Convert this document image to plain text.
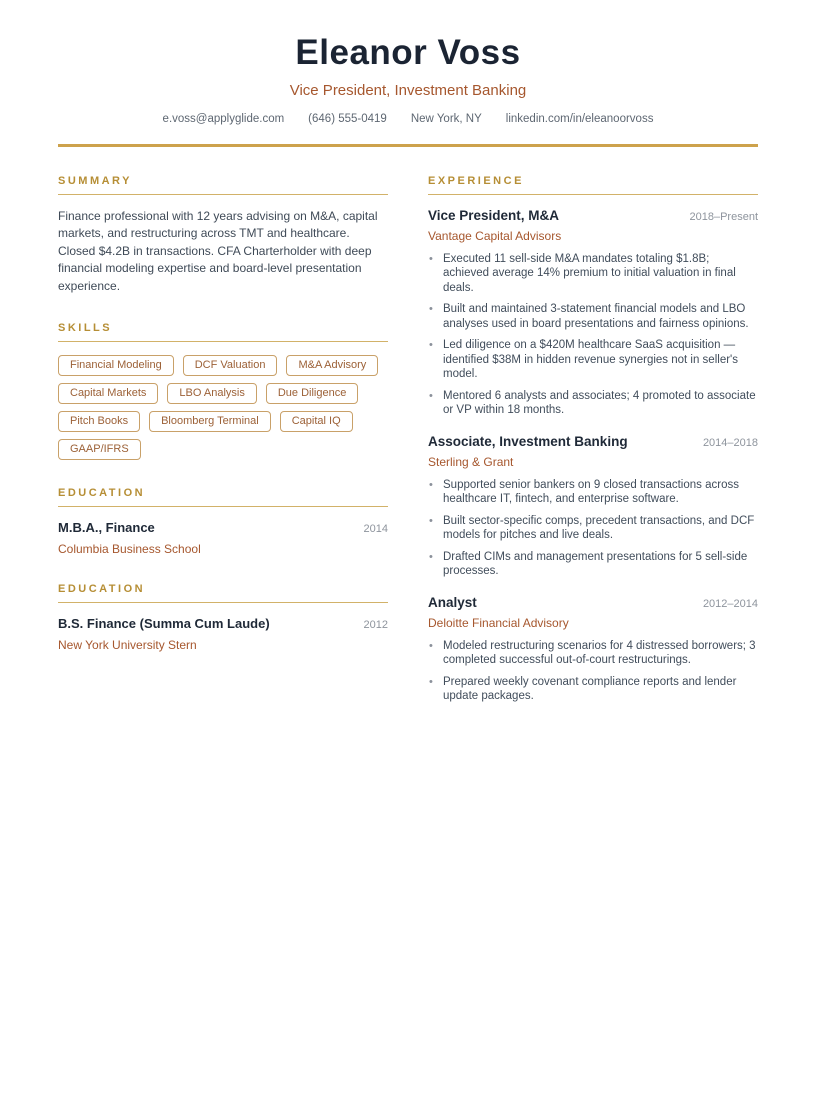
Eleanor Voss
Vice President, Investment Banking
e.voss@applyglide.com (646) 555-0419 New York, NY linkedin.com/in/eleanoorvoss
SUMMARY

Finance professional with 12 years advising on M&A, capital markets, and restructuring across TMT and healthcare. Closed $4.2B in transactions. CFA Charterholder with deep financial modeling expertise and board-level presentation experience.

SKILLS
Financial Modeling	DCF Valuation	M&A Advisory
Capital Markets	LBO Analysis	Due Diligence
Pitch Books	Bloomberg Terminal	Capital IQ
GAAP/IFRS
EDUCATION
M.B.A., Finance	2014
Columbia Business School
EDUCATION
B.S. Finance (Summa Cum Laude)	2012
New York University Stern
EXPERIENCE
Vice President, M&A	2018–Present
Vantage Capital Advisors
• Executed 11 sell-side M&A mandates totaling $1.8B; achieved average 14% premium to initial valuation in final deals.
• Built and maintained 3-statement financial models and LBO analyses used in board presentations and fairness opinions.
• Led diligence on a $420M healthcare SaaS acquisition — identified $38M in hidden revenue synergies not in seller's model.
• Mentored 6 analysts and associates; 4 promoted to associate or VP within 18 months.
Associate, Investment Banking	2014–2018
Sterling & Grant
• Supported senior bankers on 9 closed transactions across healthcare IT, fintech, and enterprise software.
• Built sector-specific comps, precedent transactions, and DCF models for pitches and live deals.
• Drafted CIMs and management presentations for 5 sell-side processes.
Analyst	2012–2014
Deloitte Financial Advisory
• Modeled restructuring scenarios for 4 distressed borrowers; 3 completed successful out-of-court restructurings.
• Prepared weekly covenant compliance reports and lender update packages.
